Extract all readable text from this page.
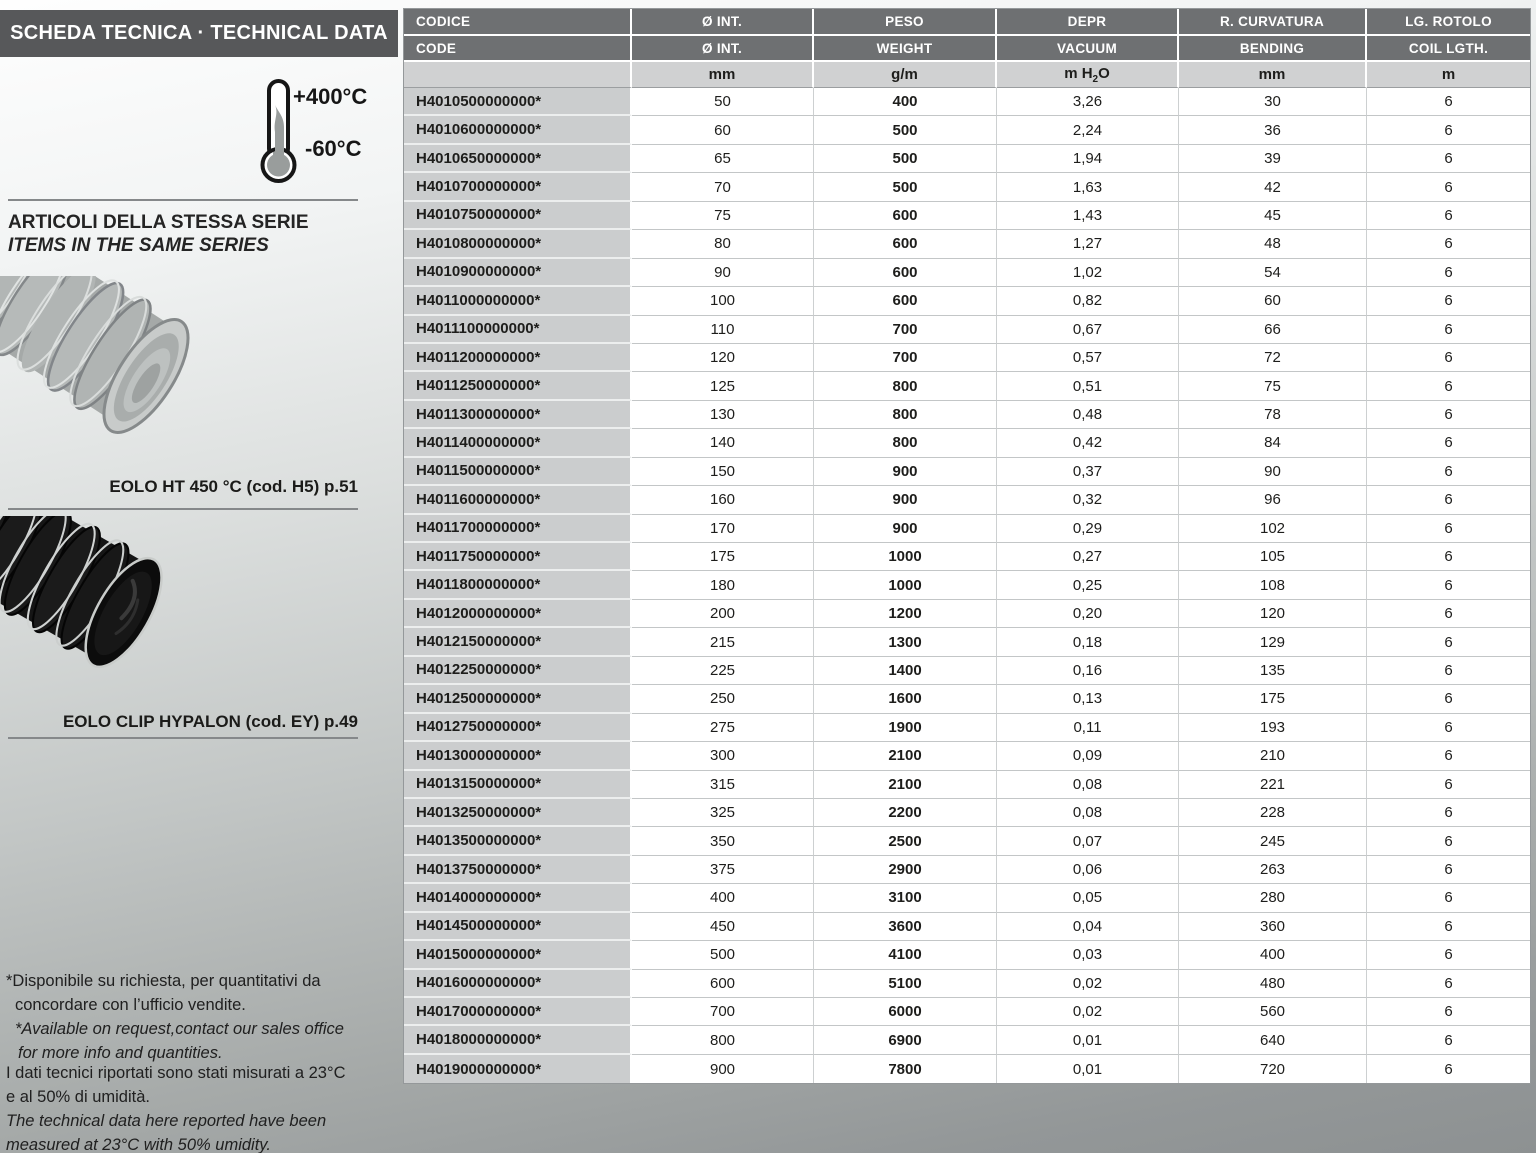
SCHEDA TECNICA · TECHNICAL DATA
+400°C
-60°C
ARTICOLI DELLA STESSA SERIE
ITEMS IN THE SAME SERIES
EOLO HT 450 °C (cod. H5) p.51
EOLO CLIP HYPALON (cod. EY) p.49
*Disponibile su richiesta, per quantitativi da
concordare con l’ufficio vendite.
*Available on request,contact our sales office
for more info and quantities.
I dati tecnici riportati sono stati misurati a 23°C
e al 50% di umidità.
The technical data here reported have been
measured at 23°C with 50% umidity.
CODICE	Ø INT.	PESO	DEPR	R. CURVATURA	LG. ROTOLO
CODE	Ø INT.	WEIGHT	VACUUM	BENDING	COIL LGTH.
	mm	g/m	m $H_2O$	mm	m
H4010500000000*	50	400	3,26	30	6
H4010600000000*	60	500	2,24	36	6
H4010650000000*	65	500	1,94	39	6
H4010700000000*	70	500	1,63	42	6
H4010750000000*	75	600	1,43	45	6
H4010800000000*	80	600	1,27	48	6
H4010900000000*	90	600	1,02	54	6
H4011000000000*	100	600	0,82	60	6
H4011100000000*	110	700	0,67	66	6
H4011200000000*	120	700	0,57	72	6
H4011250000000*	125	800	0,51	75	6
H4011300000000*	130	800	0,48	78	6
H4011400000000*	140	800	0,42	84	6
H4011500000000*	150	900	0,37	90	6
H4011600000000*	160	900	0,32	96	6
H4011700000000*	170	900	0,29	102	6
H4011750000000*	175	1000	0,27	105	6
H4011800000000*	180	1000	0,25	108	6
H4012000000000*	200	1200	0,20	120	6
H4012150000000*	215	1300	0,18	129	6
H4012250000000*	225	1400	0,16	135	6
H4012500000000*	250	1600	0,13	175	6
H4012750000000*	275	1900	0,11	193	6
H4013000000000*	300	2100	0,09	210	6
H4013150000000*	315	2100	0,08	221	6
H4013250000000*	325	2200	0,08	228	6
H4013500000000*	350	2500	0,07	245	6
H4013750000000*	375	2900	0,06	263	6
H4014000000000*	400	3100	0,05	280	6
H4014500000000*	450	3600	0,04	360	6
H4015000000000*	500	4100	0,03	400	6
H4016000000000*	600	5100	0,02	480	6
H4017000000000*	700	6000	0,02	560	6
H4018000000000*	800	6900	0,01	640	6
H4019000000000*	900	7800	0,01	720	6
